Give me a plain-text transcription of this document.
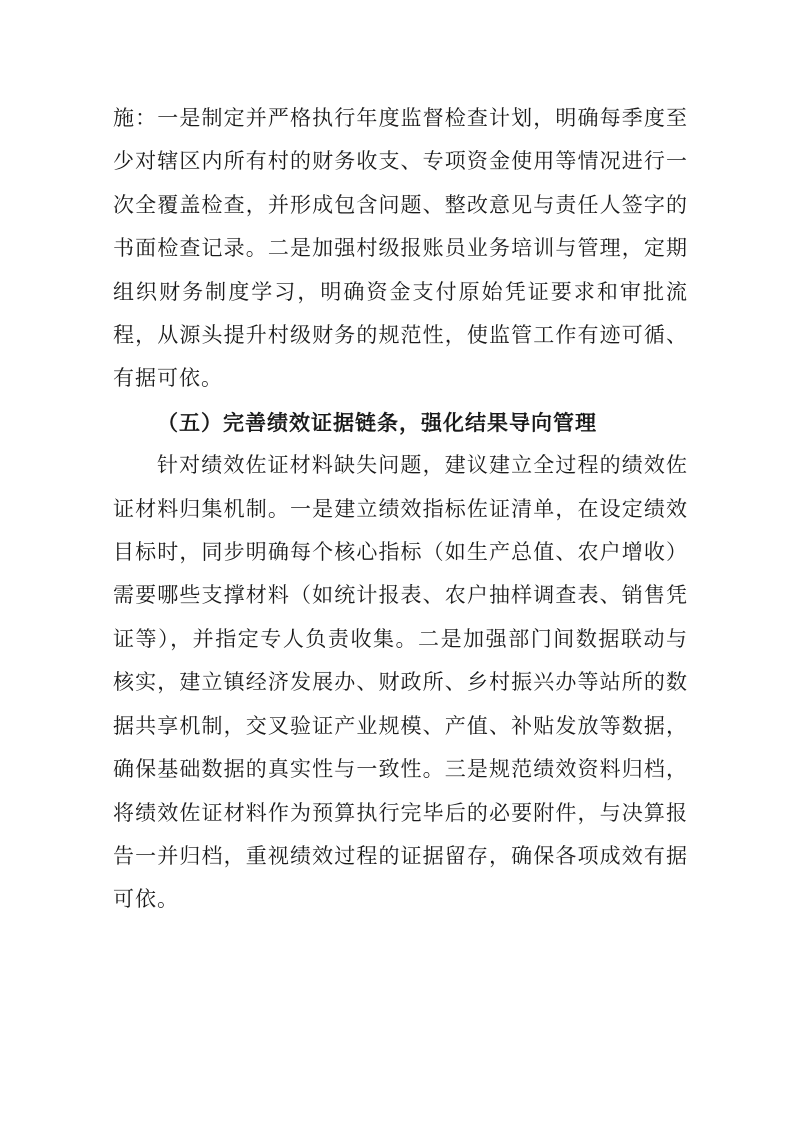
施：一是制定并严格执行年度监督检查计划，明确每季度至
少对辖区内所有村的财务收支、专项资金使用等情况进行一
次全覆盖检查，并形成包含问题、整改意见与责任人签字的
书面检查记录。二是加强村级报账员业务培训与管理，定期
组织财务制度学习，明确资金支付原始凭证要求和审批流
程，从源头提升村级财务的规范性，使监管工作有迹可循、
有据可依。
（五）完善绩效证据链条，强化结果导向管理
针对绩效佐证材料缺失问题，建议建立全过程的绩效佐
证材料归集机制。一是建立绩效指标佐证清单，在设定绩效
目标时，同步明确每个核心指标（如生产总值、农户增收）
需要哪些支撑材料（如统计报表、农户抽样调查表、销售凭
证等），并指定专人负责收集。二是加强部门间数据联动与
核实，建立镇经济发展办、财政所、乡村振兴办等站所的数
据共享机制，交叉验证产业规模、产值、补贴发放等数据，
确保基础数据的真实性与一致性。三是规范绩效资料归档，
将绩效佐证材料作为预算执行完毕后的必要附件，与决算报
告一并归档，重视绩效过程的证据留存，确保各项成效有据
可依。
